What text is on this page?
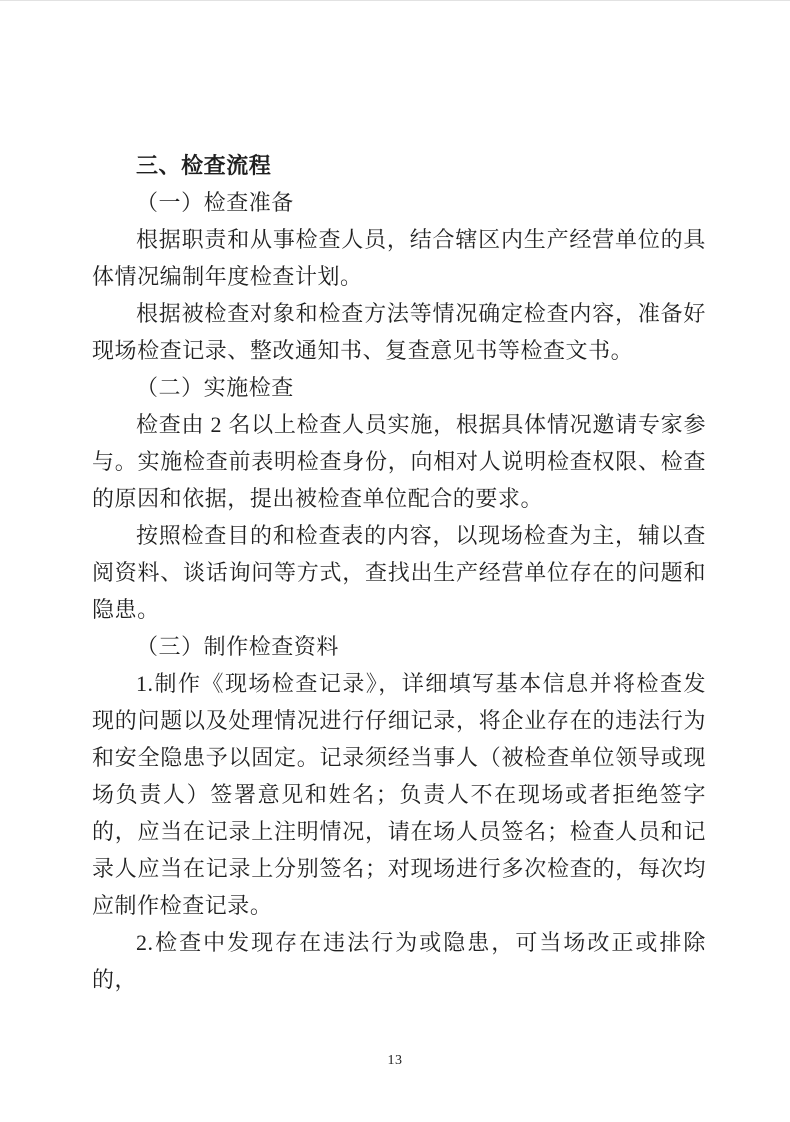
三、检查流程

（一）检查准备

根据职责和从事检查人员，结合辖区内生产经营单位的具体情况编制年度检查计划。

根据被检查对象和检查方法等情况确定检查内容，准备好现场检查记录、整改通知书、复查意见书等检查文书。

（二）实施检查

检查由 2 名以上检查人员实施，根据具体情况邀请专家参与。实施检查前表明检查身份，向相对人说明检查权限、检查的原因和依据，提出被检查单位配合的要求。

按照检查目的和检查表的内容，以现场检查为主，辅以查阅资料、谈话询问等方式，查找出生产经营单位存在的问题和隐患。

（三）制作检查资料

1.制作《现场检查记录》，详细填写基本信息并将检查发现的问题以及处理情况进行仔细记录，将企业存在的违法行为和安全隐患予以固定。记录须经当事人（被检查单位领导或现场负责人）签署意见和姓名；负责人不在现场或者拒绝签字的，应当在记录上注明情况，请在场人员签名；检查人员和记录人应当在记录上分别签名；对现场进行多次检查的，每次均应制作检查记录。

2.检查中发现存在违法行为或隐患，可当场改正或排除的，

13
